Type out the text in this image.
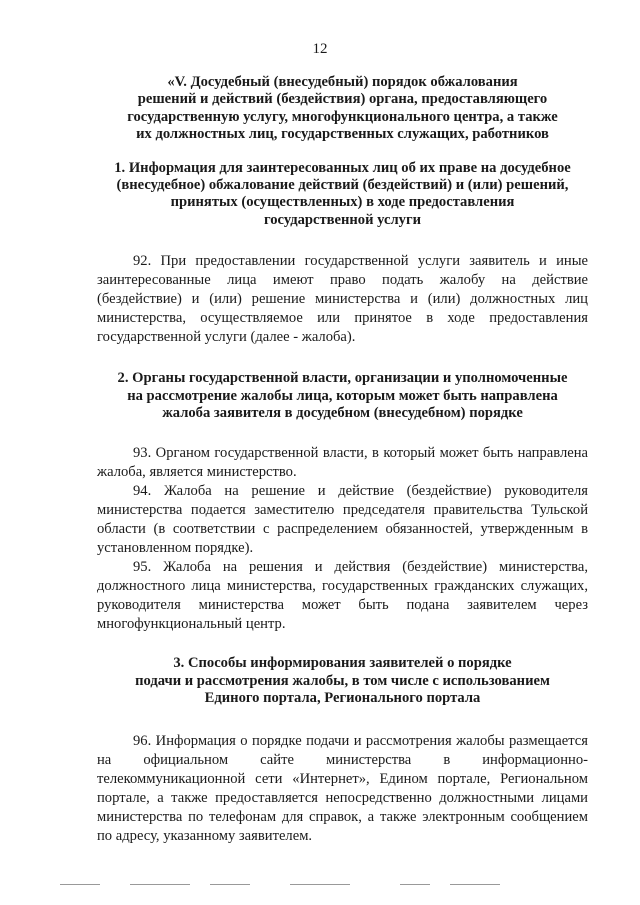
12
«V. Досудебный (внесудебный) порядок обжалования
решений и действий (бездействия) органа, предоставляющего
государственную услугу, многофункционального центра, а также
их должностных лиц, государственных служащих, работников
1. Информация для заинтересованных лиц об их праве на досудебное
(внесудебное) обжалование действий (бездействий) и (или) решений,
принятых (осуществленных) в ходе предоставления
государственной услуги
92. При предоставлении государственной услуги заявитель и иные
заинтересованные лица имеют право подать жалобу на действие
(бездействие) и (или) решение министерства и (или) должностных лиц
министерства, осуществляемое или принятое в ходе предоставления
государственной услуги (далее - жалоба).
2. Органы государственной власти, организации и уполномоченные
на рассмотрение жалобы лица, которым может быть направлена
жалоба заявителя в досудебном (внесудебном) порядке
93. Органом государственной власти, в который может быть направлена
жалоба, является министерство.
94. Жалоба на решение и действие (бездействие) руководителя
министерства подается заместителю председателя правительства Тульской
области (в соответствии с распределением обязанностей, утвержденным в
установленном порядке).
95. Жалоба на решения и действия (бездействие) министерства,
должностного лица министерства, государственных гражданских служащих,
руководителя министерства может быть подана заявителем через
многофункциональный центр.
3. Способы информирования заявителей о порядке
подачи и рассмотрения жалобы, в том числе с использованием
Единого портала, Регионального портала
96. Информация о порядке подачи и рассмотрения жалобы размещается
на официальном сайте министерства в информационно-
телекоммуникационной сети «Интернет», Едином портале, Региональном
портале, а также предоставляется непосредственно должностными лицами
министерства по телефонам для справок, а также электронным сообщением
по адресу, указанному заявителем.
